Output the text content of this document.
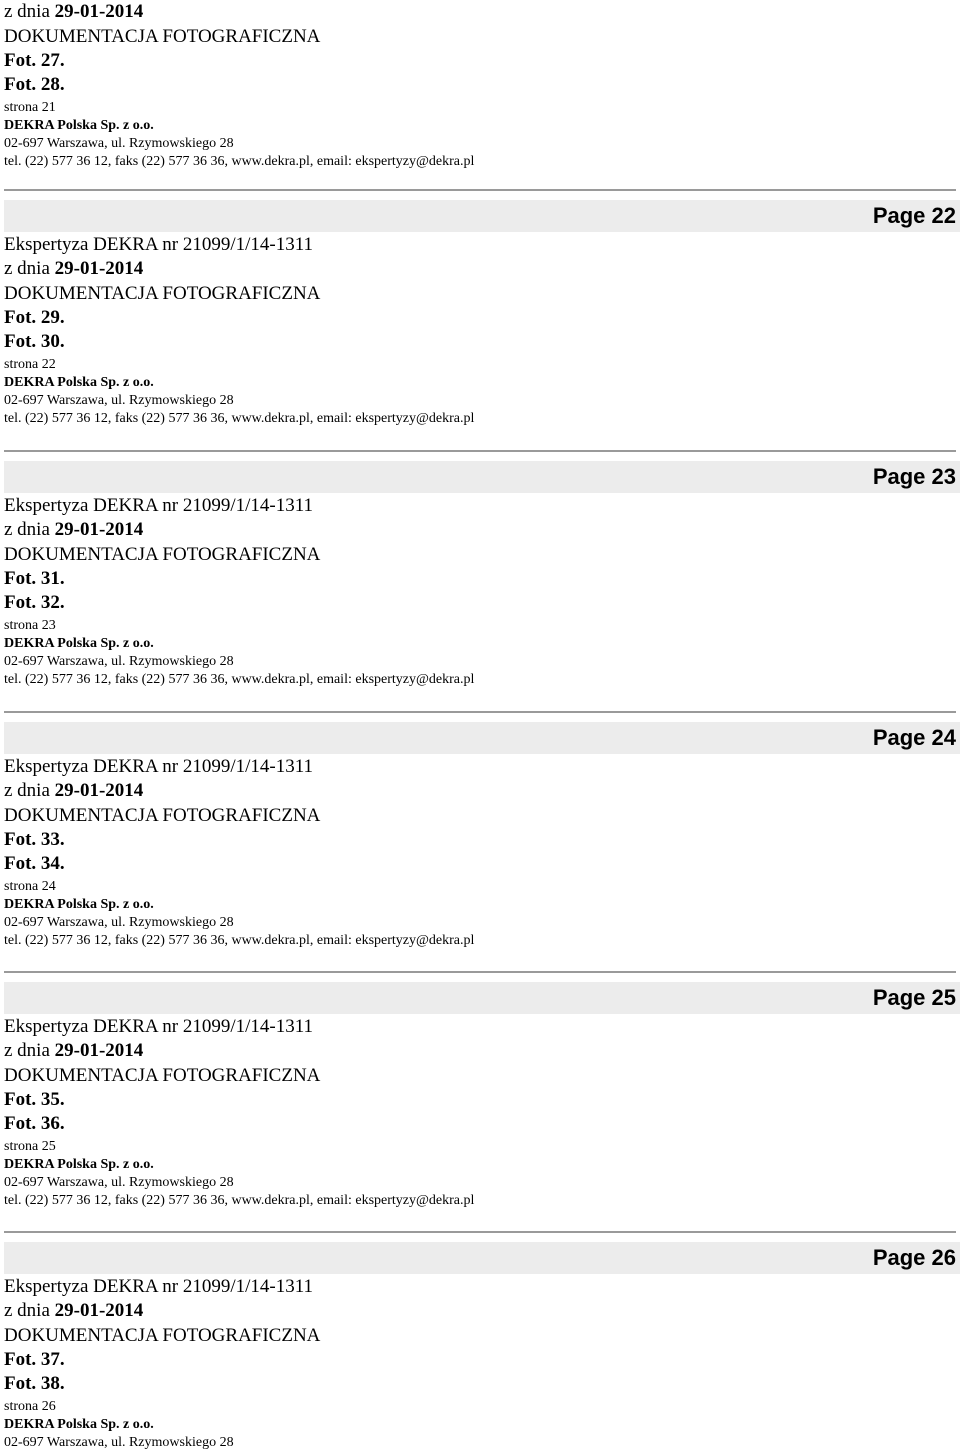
z dnia 29-01-2014
DOKUMENTACJA FOTOGRAFICZNA
Fot. 27.
Fot. 28.
strona 21
DEKRA Polska Sp. z o.o.
02-697 Warszawa, ul. Rzymowskiego 28
tel. (22) 577 36 12, faks (22) 577 36 36, www.dekra.pl, email: ekspertyzy@dekra.pl
Page 22
Ekspertyza DEKRA nr 21099/1/14-1311
z dnia 29-01-2014
DOKUMENTACJA FOTOGRAFICZNA
Fot. 29.
Fot. 30.
strona 22
DEKRA Polska Sp. z o.o.
02-697 Warszawa, ul. Rzymowskiego 28
tel. (22) 577 36 12, faks (22) 577 36 36, www.dekra.pl, email: ekspertyzy@dekra.pl
Page 23
Ekspertyza DEKRA nr 21099/1/14-1311
z dnia 29-01-2014
DOKUMENTACJA FOTOGRAFICZNA
Fot. 31.
Fot. 32.
strona 23
DEKRA Polska Sp. z o.o.
02-697 Warszawa, ul. Rzymowskiego 28
tel. (22) 577 36 12, faks (22) 577 36 36, www.dekra.pl, email: ekspertyzy@dekra.pl
Page 24
Ekspertyza DEKRA nr 21099/1/14-1311
z dnia 29-01-2014
DOKUMENTACJA FOTOGRAFICZNA
Fot. 33.
Fot. 34.
strona 24
DEKRA Polska Sp. z o.o.
02-697 Warszawa, ul. Rzymowskiego 28
tel. (22) 577 36 12, faks (22) 577 36 36, www.dekra.pl, email: ekspertyzy@dekra.pl
Page 25
Ekspertyza DEKRA nr 21099/1/14-1311
z dnia 29-01-2014
DOKUMENTACJA FOTOGRAFICZNA
Fot. 35.
Fot. 36.
strona 25
DEKRA Polska Sp. z o.o.
02-697 Warszawa, ul. Rzymowskiego 28
tel. (22) 577 36 12, faks (22) 577 36 36, www.dekra.pl, email: ekspertyzy@dekra.pl
Page 26
Ekspertyza DEKRA nr 21099/1/14-1311
z dnia 29-01-2014
DOKUMENTACJA FOTOGRAFICZNA
Fot. 37.
Fot. 38.
strona 26
DEKRA Polska Sp. z o.o.
02-697 Warszawa, ul. Rzymowskiego 28
